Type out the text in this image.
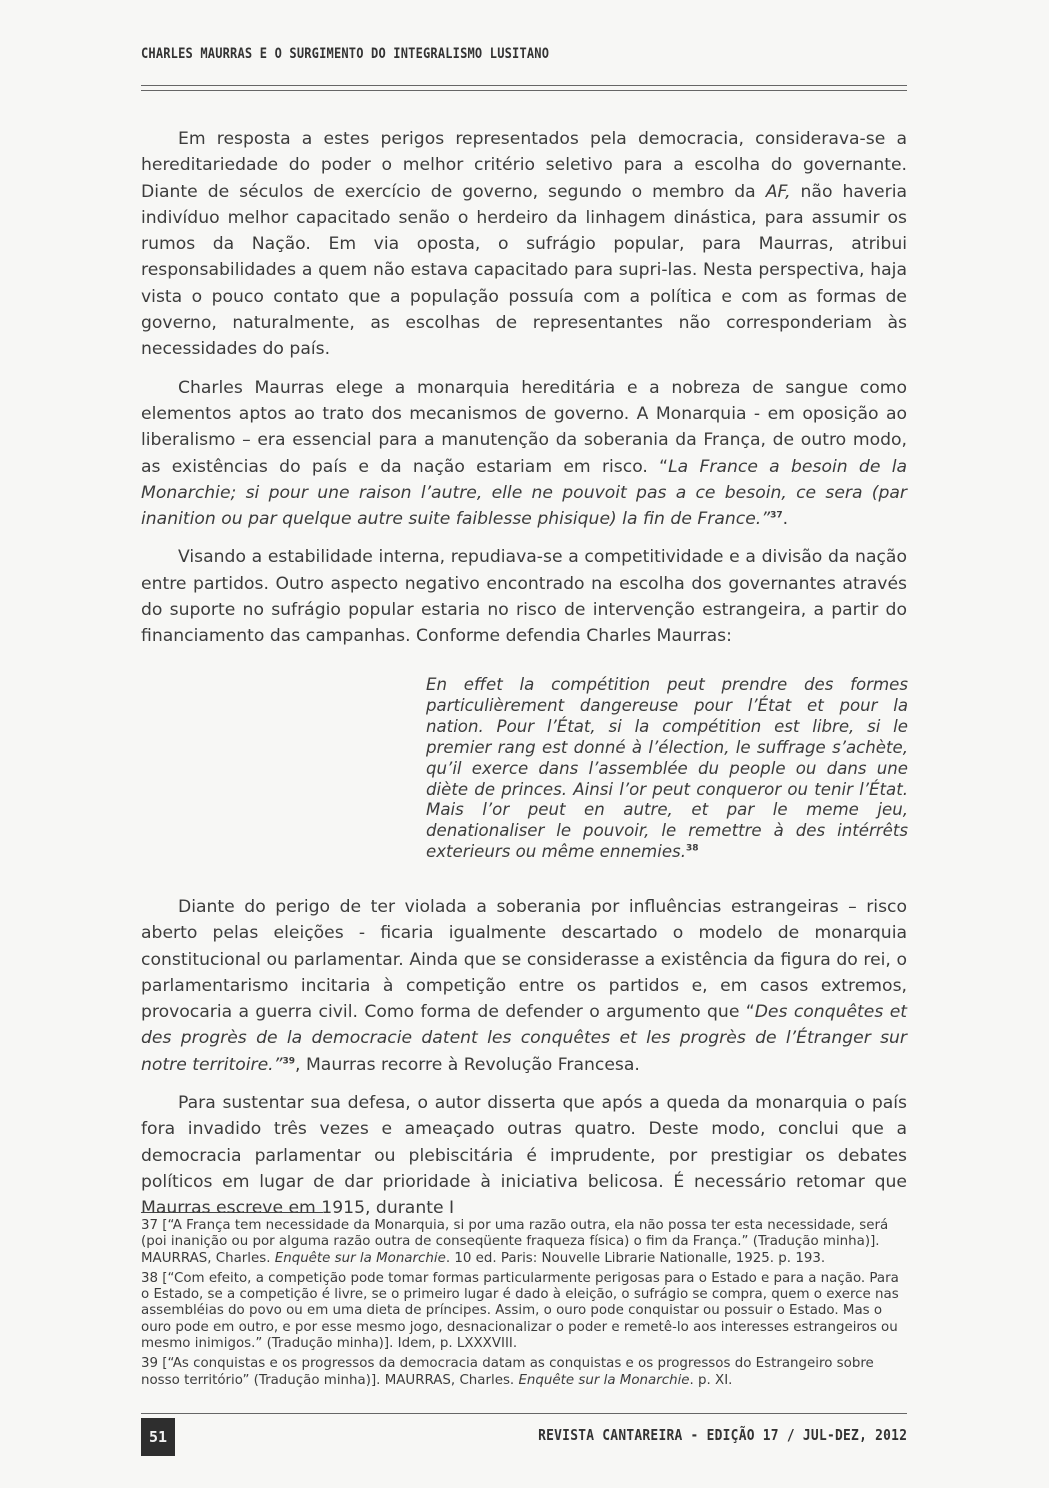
CHARLES MAURRAS E O SURGIMENTO DO INTEGRALISMO LUSITANO

Em resposta a estes perigos representados pela democracia, considerava-se a hereditariedade do poder o melhor critério seletivo para a escolha do governante. Diante de séculos de exercício de governo, segundo o membro da AF, não haveria indivíduo melhor capacitado senão o herdeiro da linhagem dinástica, para assumir os rumos da Nação. Em via oposta, o sufrágio popular, para Maurras, atribui responsabilidades a quem não estava capacitado para supri-las. Nesta perspectiva, haja vista o pouco contato que a população possuía com a política e com as formas de governo, naturalmente, as escolhas de representantes não corresponderiam às necessidades do país.

Charles Maurras elege a monarquia hereditária e a nobreza de sangue como elementos aptos ao trato dos mecanismos de governo. A Monarquia - em oposição ao liberalismo – era essencial para a manutenção da soberania da França, de outro modo, as existências do país e da nação estariam em risco. “La France a besoin de la Monarchie; si pour une raison l’autre, elle ne pouvoit pas a ce besoin, ce sera (par inanition ou par quelque autre suite faiblesse phisique) la fin de France.”$^{37}$.

Visando a estabilidade interna, repudiava-se a competitividade e a divisão da nação entre partidos. Outro aspecto negativo encontrado na escolha dos governantes através do suporte no sufrágio popular estaria no risco de intervenção estrangeira, a partir do financiamento das campanhas. Conforme defendia Charles Maurras:

En effet la compétition peut prendre des formes particulièrement dangereuse pour l’État et pour la nation. Pour l’État, si la compétition est libre, si le premier rang est donné à l’élection, le suffrage s’achète, qu’il exerce dans l’assemblée du people ou dans une diète de princes. Ainsi l’or peut conqueror ou tenir l’État. Mais l’or peut en autre, et par le meme jeu, denationaliser le pouvoir, le remettre à des intérrêts exterieurs ou même ennemies.$^{38}$

Diante do perigo de ter violada a soberania por influências estrangeiras – risco aberto pelas eleições - ficaria igualmente descartado o modelo de monarquia constitucional ou parlamentar. Ainda que se considerasse a existência da figura do rei, o parlamentarismo incitaria à competição entre os partidos e, em casos extremos, provocaria a guerra civil. Como forma de defender o argumento que “Des conquêtes et des progrès de la democracie datent les conquêtes et les progrès de l’Étranger sur notre territoire.”$^{39}$, Maurras recorre à Revolução Francesa.

Para sustentar sua defesa, o autor disserta que após a queda da monarquia o país fora invadido três vezes e ameaçado outras quatro. Deste modo, conclui que a democracia parlamentar ou plebiscitária é imprudente, por prestigiar os debates políticos em lugar de dar prioridade à iniciativa belicosa. É necessário retomar que Maurras escreve em 1915, durante I

37 [“A França tem necessidade da Monarquia, si por uma razão outra, ela não possa ter esta necessidade, será (poi inanição ou por alguma razão outra de conseqüente fraqueza física) o fim da França.” (Tradução minha)]. MAURRAS, Charles. Enquête sur la Monarchie. 10 ed. Paris: Nouvelle Librarie Nationalle, 1925. p. 193.

38 [“Com efeito, a competição pode tomar formas particularmente perigosas para o Estado e para a nação. Para o Estado, se a competição é livre, se o primeiro lugar é dado à eleição, o sufrágio se compra, quem o exerce nas assembléias do povo ou em uma dieta de príncipes. Assim, o ouro pode conquistar ou possuir o Estado. Mas o ouro pode em outro, e por esse mesmo jogo, desnacionalizar o poder e remetê-lo aos interesses estrangeiros ou mesmo inimigos.” (Tradução minha)]. Idem, p. LXXXVIII.

39 [“As conquistas e os progressos da democracia datam as conquistas e os progressos do Estrangeiro sobre nosso território” (Tradução minha)]. MAURRAS, Charles. Enquête sur la Monarchie. p. XI.

51	REVISTA CANTAREIRA - EDIÇÃO 17 / JUL-DEZ, 2012
